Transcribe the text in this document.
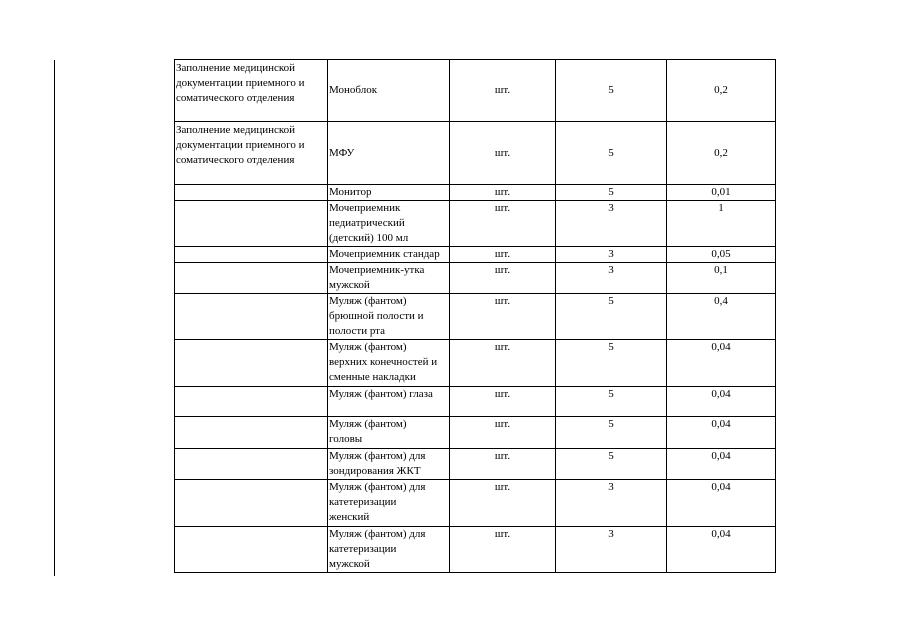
Заполнение медицинской документации приемного и соматического отделения	Моноблок	шт.	5	0,2
Заполнение медицинской документации приемного и соматического отделения	МФУ	шт.	5	0,2
	Монитор	шт.	5	0,01
	Мочеприемник
педиатрический
(детский) 100 мл	шт.	3	1
	Мочеприемник стандар	шт.	3	0,05
	Мочеприемник-утка
мужской	шт.	3	0,1
	Муляж (фантом)
брюшной полости и
полости рта	шт.	5	0,4
	Муляж (фантом)
верхних конечностей и
сменные накладки	шт.	5	0,04
	Муляж (фантом) глаза	шт.	5	0,04
	Муляж (фантом)
головы	шт.	5	0,04
	Муляж (фантом) для
зондирования ЖКТ	шт.	5	0,04
	Муляж (фантом) для
катетеризации
женский	шт.	3	0,04
	Муляж (фантом) для
катетеризации
мужской	шт.	3	0,04
